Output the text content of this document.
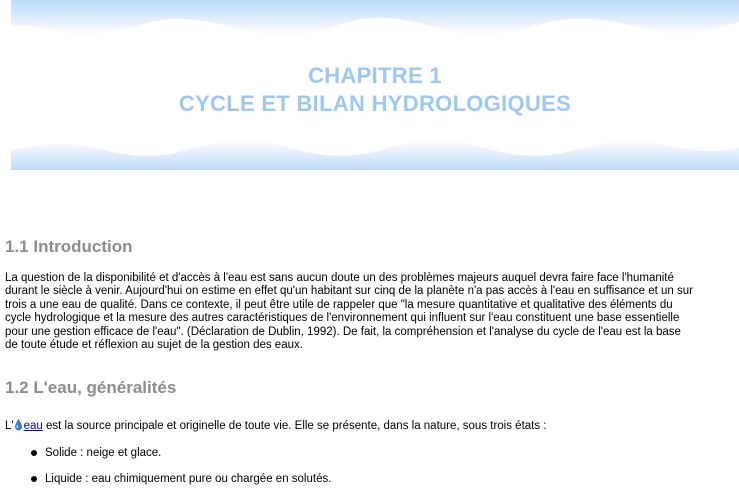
CHAPITRE 1
CYCLE ET BILAN HYDROLOGIQUES
1.1 Introduction
La question de la disponibilité et d'accès à l'eau est sans aucun doute un des problèmes majeurs auquel devra faire face l'humanité
durant le siècle à venir. Aujourd'hui on estime en effet qu'un habitant sur cinq de la planète n'a pas accès à l'eau en suffisance et un sur
trois a une eau de qualité. Dans ce contexte, il peut être utile de rappeler que "la mesure quantitative et qualitative des éléments du
cycle hydrologique et la mesure des autres caractéristiques de l'environnement qui influent sur l'eau constituent une base essentielle
pour une gestion efficace de l'eau". (Déclaration de Dublin, 1992). De fait, la compréhension et l'analyse du cycle de l'eau est la base
de toute étude et réflexion au sujet de la gestion des eaux.
1.2 L'eau, généralités
L' eau est la source principale et originelle de toute vie. Elle se présente, dans la nature, sous trois états :
Solide : neige et glace.
Liquide : eau chimiquement pure ou chargée en solutés.
